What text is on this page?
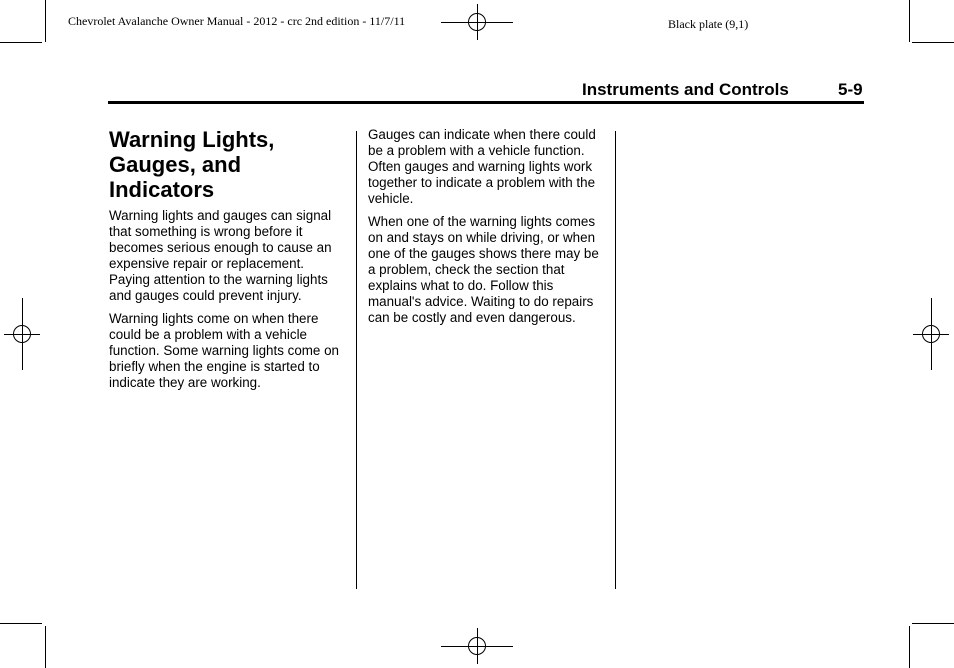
Chevrolet Avalanche Owner Manual - 2012 - crc 2nd edition - 11/7/11	Black plate (9,1)
Instruments and Controls	5-9
Warning Lights, Gauges, and Indicators

Warning lights and gauges can signal that something is wrong before it becomes serious enough to cause an expensive repair or replacement. Paying attention to the warning lights and gauges could prevent injury.

Warning lights come on when there could be a problem with a vehicle function. Some warning lights come on briefly when the engine is started to indicate they are working.

Gauges can indicate when there could be a problem with a vehicle function. Often gauges and warning lights work together to indicate a problem with the vehicle.

When one of the warning lights comes on and stays on while driving, or when one of the gauges shows there may be a problem, check the section that explains what to do. Follow this manual's advice. Waiting to do repairs can be costly and even dangerous.
